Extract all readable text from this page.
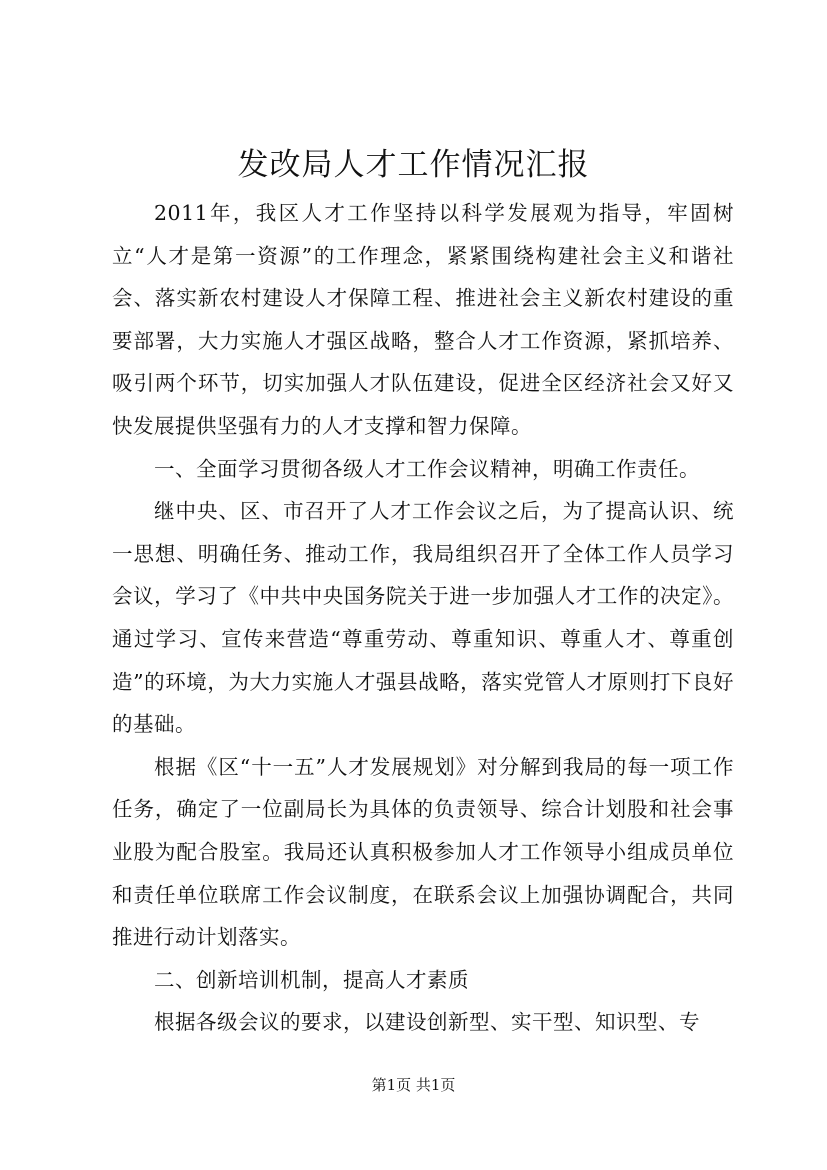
发改局人才工作情况汇报

2011年，我区人才工作坚持以科学发展观为指导，牢固树立“人才是第一资源”的工作理念，紧紧围绕构建社会主义和谐社会、落实新农村建设人才保障工程、推进社会主义新农村建设的重要部署，大力实施人才强区战略，整合人才工作资源，紧抓培养、吸引两个环节，切实加强人才队伍建设，促进全区经济社会又好又快发展提供坚强有力的人才支撑和智力保障。

一、全面学习贯彻各级人才工作会议精神，明确工作责任。

继中央、区、市召开了人才工作会议之后，为了提高认识、统一思想、明确任务、推动工作，我局组织召开了全体工作人员学习会议，学习了《中共中央国务院关于进一步加强人才工作的决定》。通过学习、宣传来营造“尊重劳动、尊重知识、尊重人才、尊重创造”的环境，为大力实施人才强县战略，落实党管人才原则打下良好的基础。

根据《区“十一五”人才发展规划》对分解到我局的每一项工作任务，确定了一位副局长为具体的负责领导、综合计划股和社会事业股为配合股室。我局还认真积极参加人才工作领导小组成员单位和责任单位联席工作会议制度，在联系会议上加强协调配合，共同推进行动计划落实。

二、创新培训机制，提高人才素质

根据各级会议的要求，以建设创新型、实干型、知识型、专

第1页 共1页
